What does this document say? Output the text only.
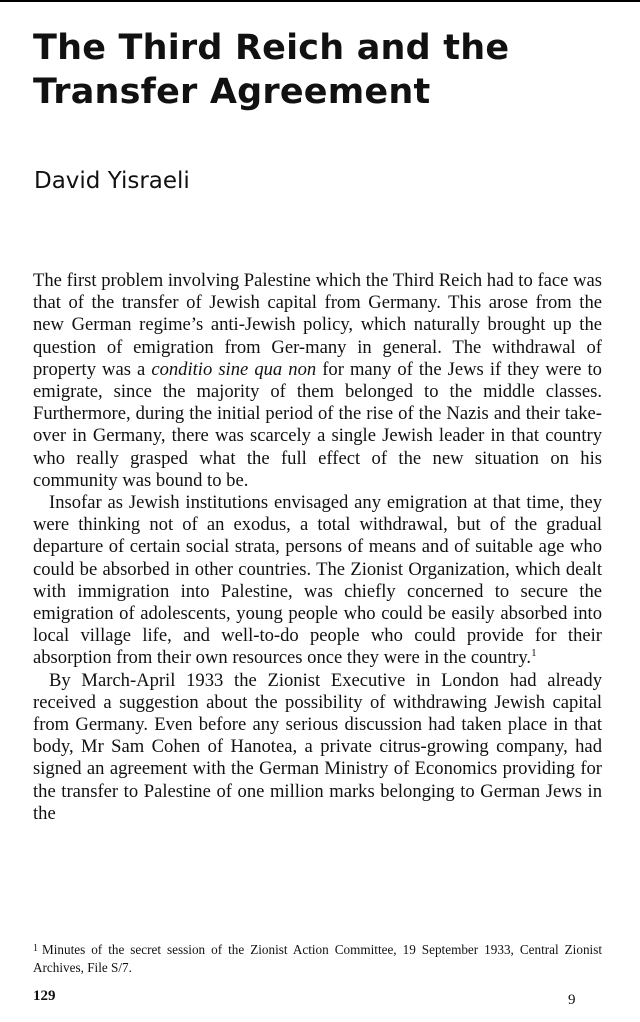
The Third Reich and the Transfer Agreement
David Yisraeli

The first problem involving Palestine which the Third Reich had to face was that of the transfer of Jewish capital from Germany. This arose from the new German regime’s anti-Jewish policy, which naturally brought up the question of emigration from Ger-many in general. The withdrawal of property was a conditio sine qua non for many of the Jews if they were to emigrate, since the majority of them belonged to the middle classes. Furthermore, during the initial period of the rise of the Nazis and their take-over in Germany, there was scarcely a single Jewish leader in that country who really grasped what the full effect of the new situation on his community was bound to be.

Insofar as Jewish institutions envisaged any emigration at that time, they were thinking not of an exodus, a total withdrawal, but of the gradual departure of certain social strata, persons of means and of suitable age who could be absorbed in other countries. The Zionist Organization, which dealt with immigration into Palestine, was chiefly concerned to secure the emigration of adolescents, young people who could be easily absorbed into local village life, and well-to-do people who could provide for their absorption from their own resources once they were in the country.$^1$

By March-April 1933 the Zionist Executive in London had already received a suggestion about the possibility of withdrawing Jewish capital from Germany. Even before any serious discussion had taken place in that body, Mr Sam Cohen of Hanotea, a private citrus-growing company, had signed an agreement with the German Ministry of Economics providing for the transfer to Palestine of one million marks belonging to German Jews in the

$^1$ Minutes of the secret session of the Zionist Action Committee, 19 September 1933, Central Zionist Archives, File S/7.

129	9
